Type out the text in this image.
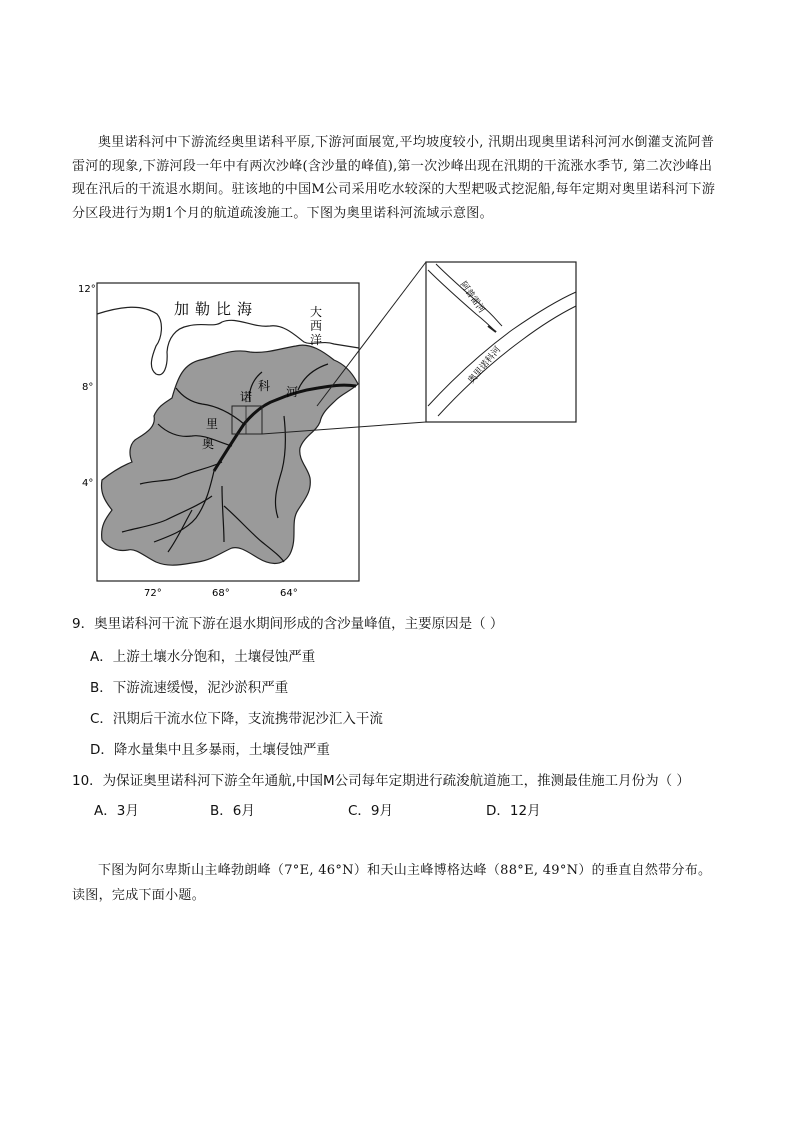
奥里诺科河中下游流经奥里诺科平原,下游河面展宽,平均坡度较小, 汛期出现奥里诺科河河水倒灌支流阿普雷河的现象,下游河段一年中有两次沙峰(含沙量的峰值),第一次沙峰出现在汛期的干流涨水季节, 第二次沙峰出现在汛后的干流退水期间。驻该地的中国M公司采用吃水较深的大型耙吸式挖泥船,每年定期对奥里诺科河下游分区段进行为期1个月的航道疏浚施工。下图为奥里诺科河流域示意图。
阿普雷河
奥里诺科河
12°
8°
4°
72°	68°	64°
加勒比海	大
西
洋
奥
里
诺
科 河
9．奥里诺科河干流下游在退水期间形成的含沙量峰值，主要原因是（ ）
A．上游土壤水分饱和，土壤侵蚀严重
B．下游流速缓慢，泥沙淤积严重
C．汛期后干流水位下降，支流携带泥沙汇入干流
D．降水量集中且多暴雨，土壤侵蚀严重
10．为保证奥里诺科河下游全年通航,中国M公司每年定期进行疏浚航道施工，推测最佳施工月份为（ ）
A．3月	B．6月	C．9月	D．12月
下图为阿尔卑斯山主峰勃朗峰（7°E, 46°N）和天山主峰博格达峰（88°E, 49°N）的垂直自然带分布。读图，完成下面小题。
